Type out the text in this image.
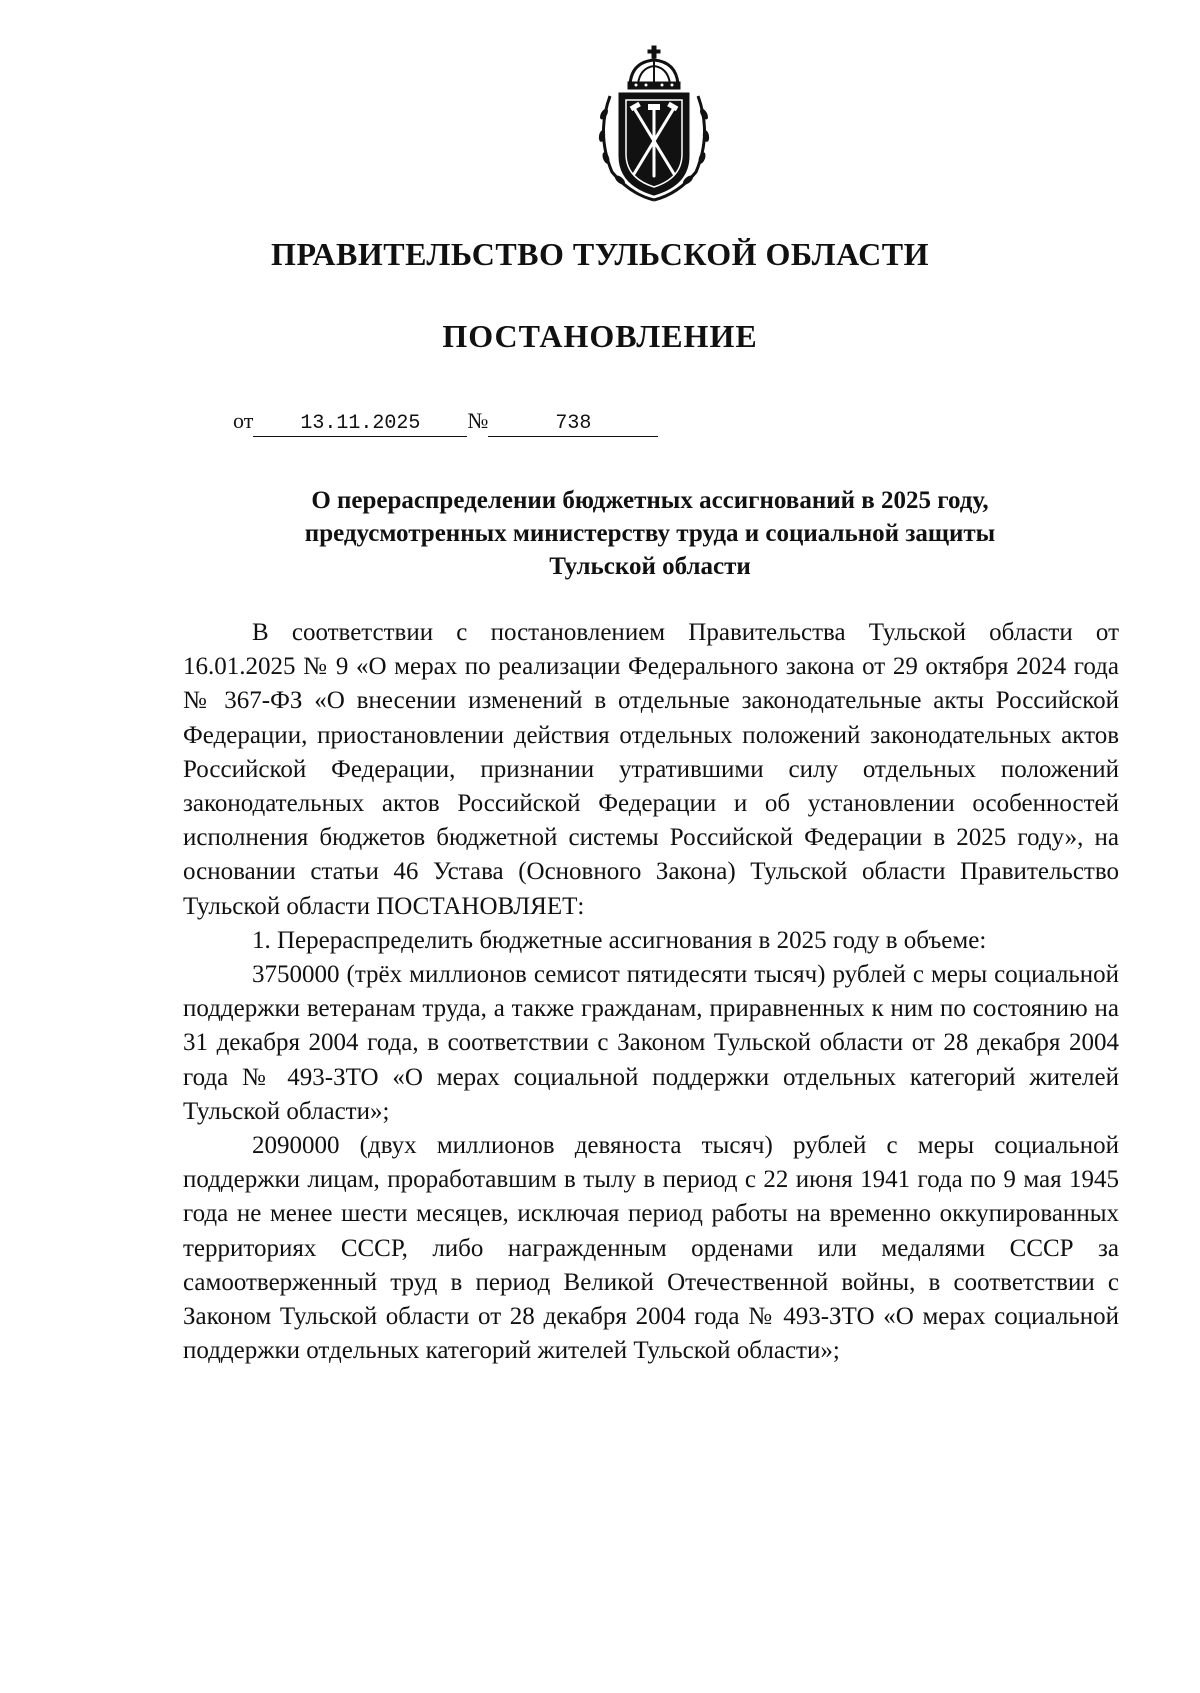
ПРАВИТЕЛЬСТВО ТУЛЬСКОЙ ОБЛАСТИ
ПОСТАНОВЛЕНИЕ
от 13.11.2025 №	738
О перераспределении бюджетных ассигнований в 2025 году,
предусмотренных министерству труда и социальной защиты
Тульской области

В соответствии с постановлением Правительства Тульской области от 16.01.2025 № 9 «О мерах по реализации Федерального закона от 29 октября 2024 года № 367-ФЗ «О внесении изменений в отдельные законодательные акты Российской Федерации, приостановлении действия отдельных положений законодательных актов Российской Федерации, признании утратившими силу отдельных положений законодательных актов Российской Федерации и об установлении особенностей исполнения бюджетов бюджетной системы Российской Федерации в 2025 году», на основании статьи 46 Устава (Основного Закона) Тульской области Правительство Тульской области ПОСТАНОВЛЯЕТ:

1. Перераспределить бюджетные ассигнования в 2025 году в объеме:

3750000 (трёх миллионов семисот пятидесяти тысяч) рублей с меры социальной поддержки ветеранам труда, а также гражданам, приравненных к ним по состоянию на 31 декабря 2004 года, в соответствии с Законом Тульской области от 28 декабря 2004 года № 493-ЗТО «О мерах социальной поддержки отдельных категорий жителей Тульской области»;

2090000 (двух миллионов девяноста тысяч) рублей с меры социальной поддержки лицам, проработавшим в тылу в период с 22 июня 1941 года по 9 мая 1945 года не менее шести месяцев, исключая период работы на временно оккупированных территориях СССР, либо награжденным орденами или медалями СССР за самоотверженный труд в период Великой Отечественной войны, в соответствии с Законом Тульской области от 28 декабря 2004 года № 493-ЗТО «О мерах социальной поддержки отдельных категорий жителей Тульской области»;
